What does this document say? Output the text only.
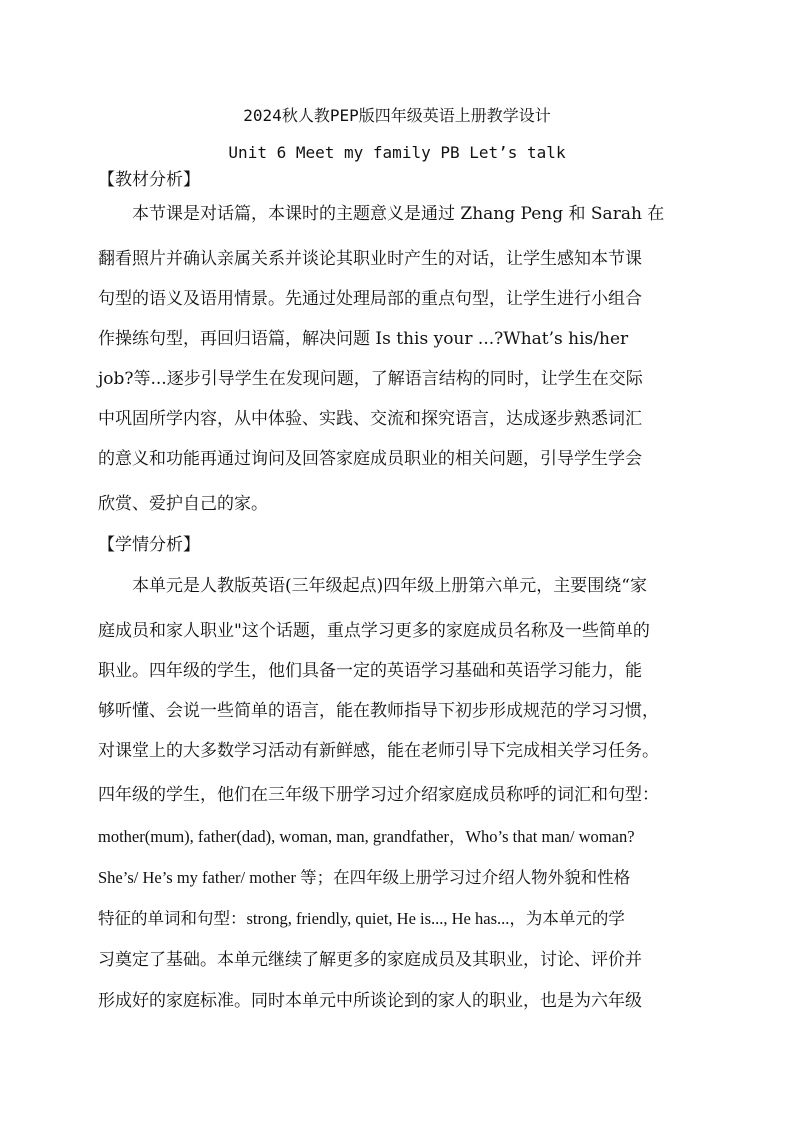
2024秋人教PEP版四年级英语上册教学设计
Unit 6 Meet my family PB Let’s talk
【教材分析】
本节课是对话篇，本课时的主题意义是通过 Zhang Peng 和 Sarah 在
翻看照片并确认亲属关系并谈论其职业时产生的对话，让学生感知本节课
句型的语义及语用情景。先通过处理局部的重点句型，让学生进行小组合
作操练句型，再回归语篇，解决问题 Is this your ...?What’s his/her
job?等...逐步引导学生在发现问题，了解语言结构的同时，让学生在交际
中巩固所学内容，从中体验、实践、交流和探究语言，达成逐步熟悉词汇
的意义和功能再通过询问及回答家庭成员职业的相关问题，引导学生学会
欣赏、爱护自己的家。
【学情分析】
本单元是人教版英语(三年级起点)四年级上册第六单元，主要围绕“家
庭成员和家人职业"这个话题，重点学习更多的家庭成员名称及一些简单的
职业。四年级的学生，他们具备一定的英语学习基础和英语学习能力，能
够听懂、会说一些简单的语言，能在教师指导下初步形成规范的学习习惯，
对课堂上的大多数学习活动有新鲜感，能在老师引导下完成相关学习任务。
四年级的学生，他们在三年级下册学习过介绍家庭成员称呼的词汇和句型：
mother(mum), father(dad), woman, man, grandfather，Who’s that man/ woman?
She’s/ He’s my father/ mother 等；在四年级上册学习过介绍人物外貌和性格
特征的单词和句型：strong, friendly, quiet, He is..., He has...，为本单元的学
习奠定了基础。本单元继续了解更多的家庭成员及其职业，讨论、评价并
形成好的家庭标准。同时本单元中所谈论到的家人的职业，也是为六年级
